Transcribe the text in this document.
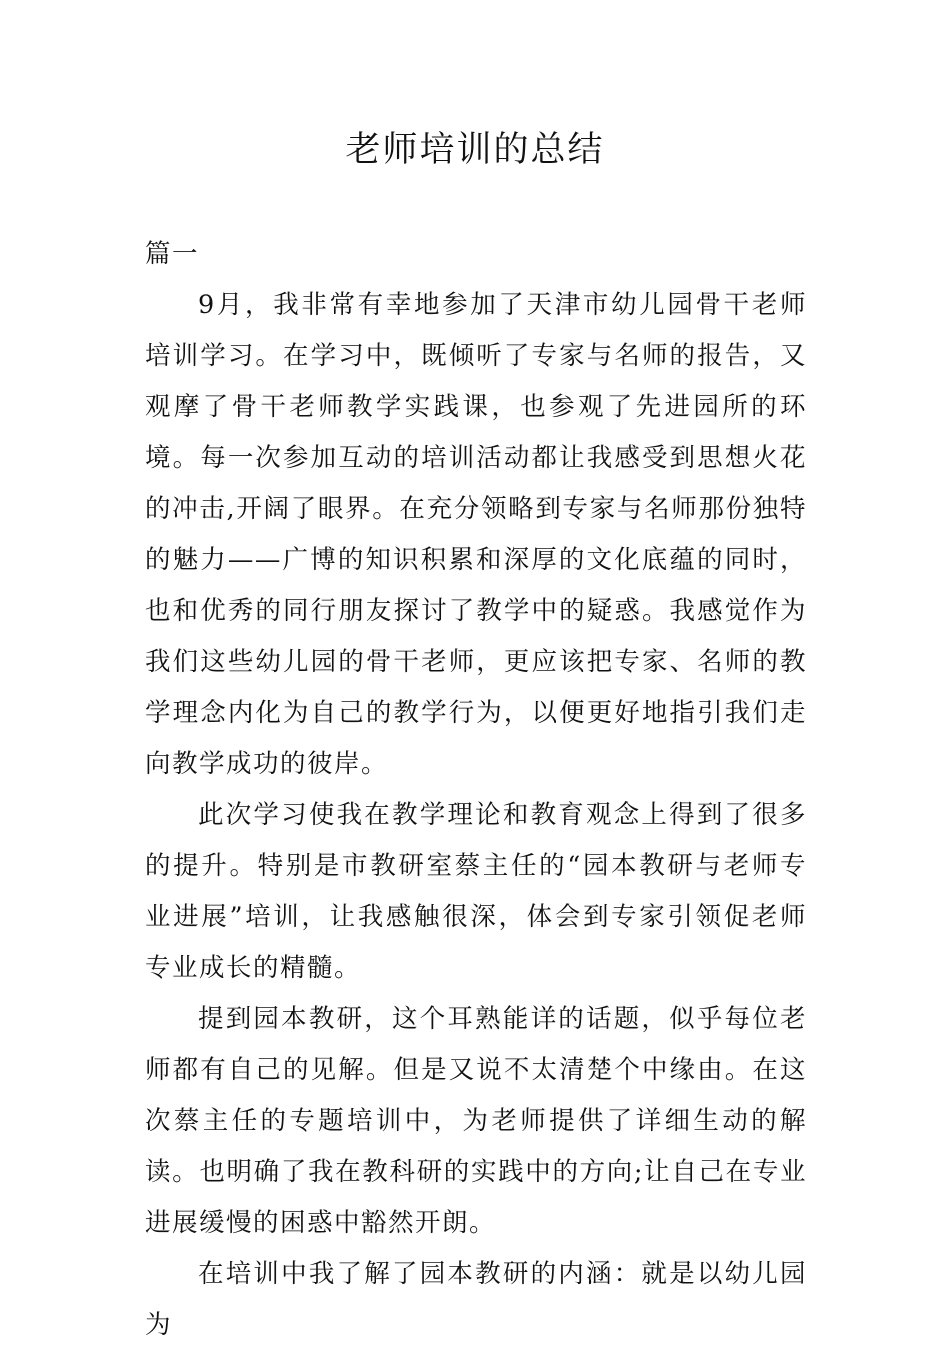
老师培训的总结

篇一

9月，我非常有幸地参加了天津市幼儿园骨干老师培训学习。在学习中，既倾听了专家与名师的报告，又观摩了骨干老师教学实践课，也参观了先进园所的环境。每一次参加互动的培训活动都让我感受到思想火花的冲击,开阔了眼界。在充分领略到专家与名师那份独特的魅力——广博的知识积累和深厚的文化底蕴的同时，也和优秀的同行朋友探讨了教学中的疑惑。我感觉作为我们这些幼儿园的骨干老师，更应该把专家、名师的教学理念内化为自己的教学行为，以便更好地指引我们走向教学成功的彼岸。

此次学习使我在教学理论和教育观念上得到了很多的提升。特别是市教研室蔡主任的“园本教研与老师专业进展”培训，让我感触很深，体会到专家引领促老师专业成长的精髓。

提到园本教研，这个耳熟能详的话题，似乎每位老师都有自己的见解。但是又说不太清楚个中缘由。在这次蔡主任的专题培训中，为老师提供了详细生动的解读。也明确了我在教科研的实践中的方向;让自己在专业进展缓慢的困惑中豁然开朗。

在培训中我了解了园本教研的内涵：就是以幼儿园为
